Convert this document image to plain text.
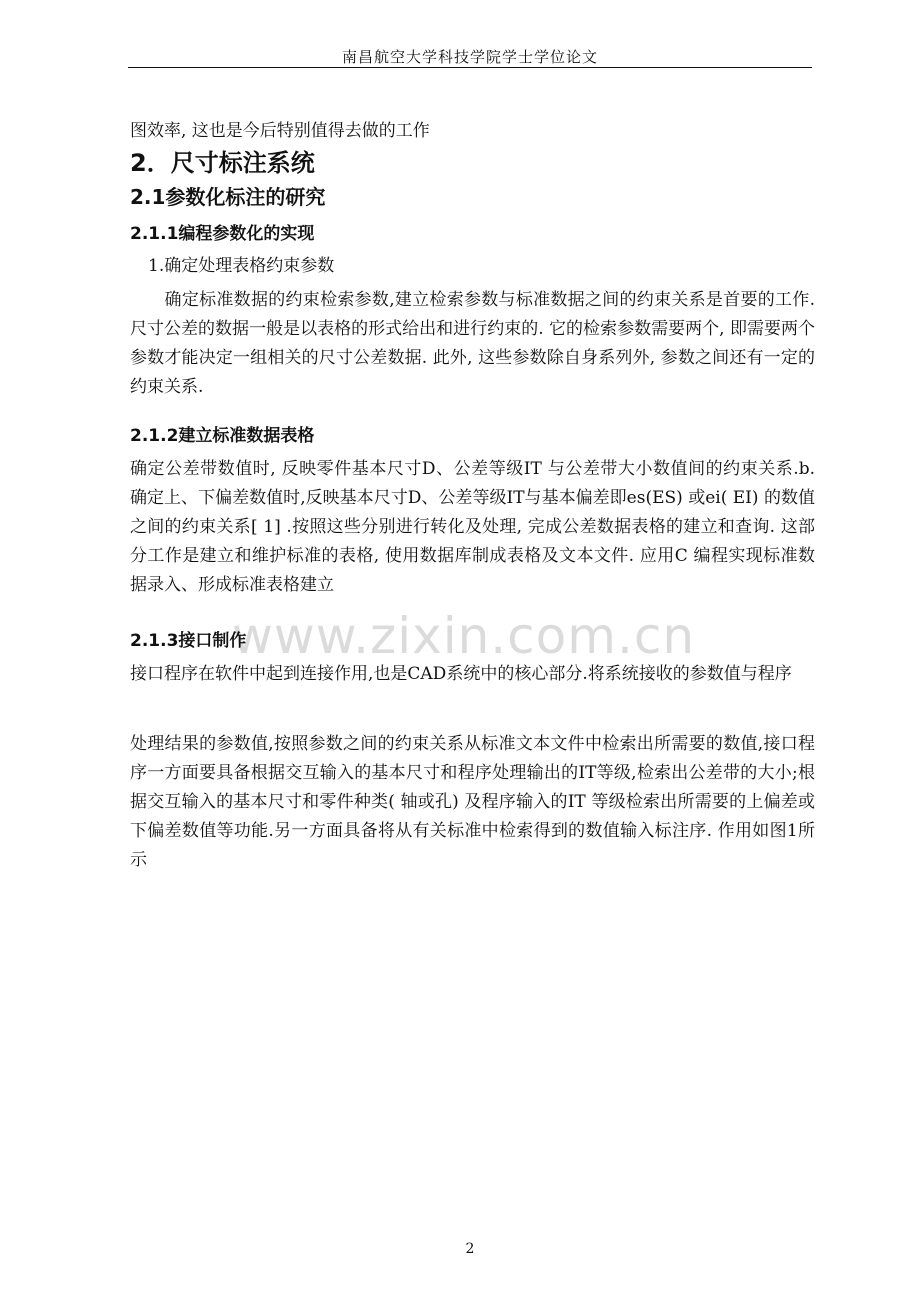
南昌航空大学科技学院学士学位论文
图效率, 这也是今后特别值得去做的工作
2．尺寸标注系统
2.1参数化标注的研究
2.1.1编程参数化的实现
1.确定处理表格约束参数
　　确定标准数据的约束检索参数,建立检索参数与标准数据之间的约束关系是首要的工作. 尺寸公差的数据一般是以表格的形式给出和进行约束的. 它的检索参数需要两个, 即需要两个参数才能决定一组相关的尺寸公差数据. 此外, 这些参数除自身系列外, 参数之间还有一定的约束关系.
2.1.2建立标准数据表格
确定公差带数值时, 反映零件基本尺寸D、公差等级IT 与公差带大小数值间的约束关系.b. 确定上、下偏差数值时,反映基本尺寸D、公差等级IT与基本偏差即es(ES) 或ei( EI) 的数值之间的约束关系[ 1] .按照这些分别进行转化及处理, 完成公差数据表格的建立和查询. 这部分工作是建立和维护标准的表格, 使用数据库制成表格及文本文件. 应用C 编程实现标准数据录入、形成标准表格建立
www.zixin.com.cn
2.1.3接口制作
接口程序在软件中起到连接作用,也是CAD系统中的核心部分.将系统接收的参数值与程序
处理结果的参数值,按照参数之间的约束关系从标准文本文件中检索出所需要的数值,接口程序一方面要具备根据交互输入的基本尺寸和程序处理输出的IT等级,检索出公差带的大小;根据交互输入的基本尺寸和零件种类( 轴或孔) 及程序输入的IT 等级检索出所需要的上偏差或下偏差数值等功能.另一方面具备将从有关标准中检索得到的数值输入标注序. 作用如图1所示
2
